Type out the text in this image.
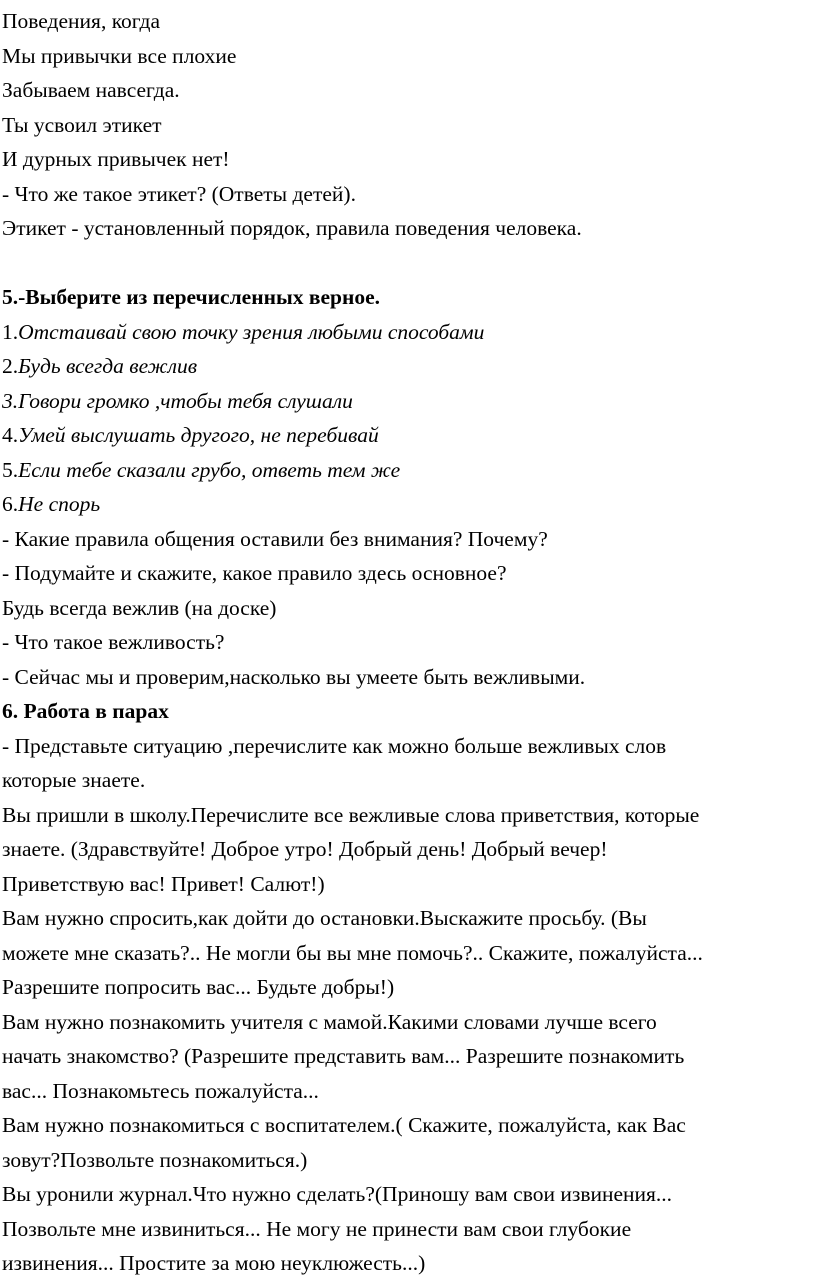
Поведения, когда

Мы привычки все плохие

Забываем навсегда.

Ты усвоил этикет

И дурных привычек нет!

- Что же такое этикет? (Ответы детей).

Этикет - установленный порядок, правила поведения человека.

5.-Выберите из перечисленных верное.

1.Отстаивай свою точку зрения любыми способами

2.Будь всегда вежлив

3.Говори громко ,чтобы тебя слушали

4.Умей выслушать другого, не перебивай

5.Если тебе сказали грубо, ответь тем же

6.Не спорь

- Какие правила общения оставили без внимания? Почему?

- Подумайте и скажите, какое правило здесь основное?

Будь всегда вежлив (на доске)

- Что такое вежливость?

- Сейчас мы и проверим,насколько вы умеете быть вежливыми.

6. Работа в парах

- Представьте ситуацию ,перечислите как можно больше вежливых слов

которые знаете.

Вы пришли в школу.Перечислите все вежливые слова приветствия, которые

знаете. (Здравствуйте! Доброе утро! Добрый день! Добрый вечер!

Приветствую вас! Привет! Салют!)

Вам нужно спросить,как дойти до остановки.Выскажите просьбу. (Вы

можете мне сказать?.. Не могли бы вы мне помочь?.. Скажите, пожалуйста...

Разрешите попросить вас... Будьте добры!)

Вам нужно познакомить учителя с мамой.Какими словами лучше всего

начать знакомство? (Разрешите представить вам... Разрешите познакомить

вас... Познакомьтесь пожалуйста...

Вам нужно познакомиться с воспитателем.( Скажите, пожалуйста, как Вас

зовут?Позвольте познакомиться.)

Вы уронили журнал.Что нужно сделать?(Приношу вам свои извинения...

Позвольте мне извиниться... Не могу не принести вам свои глубокие

извинения... Простите за мою неуклюжесть...)
